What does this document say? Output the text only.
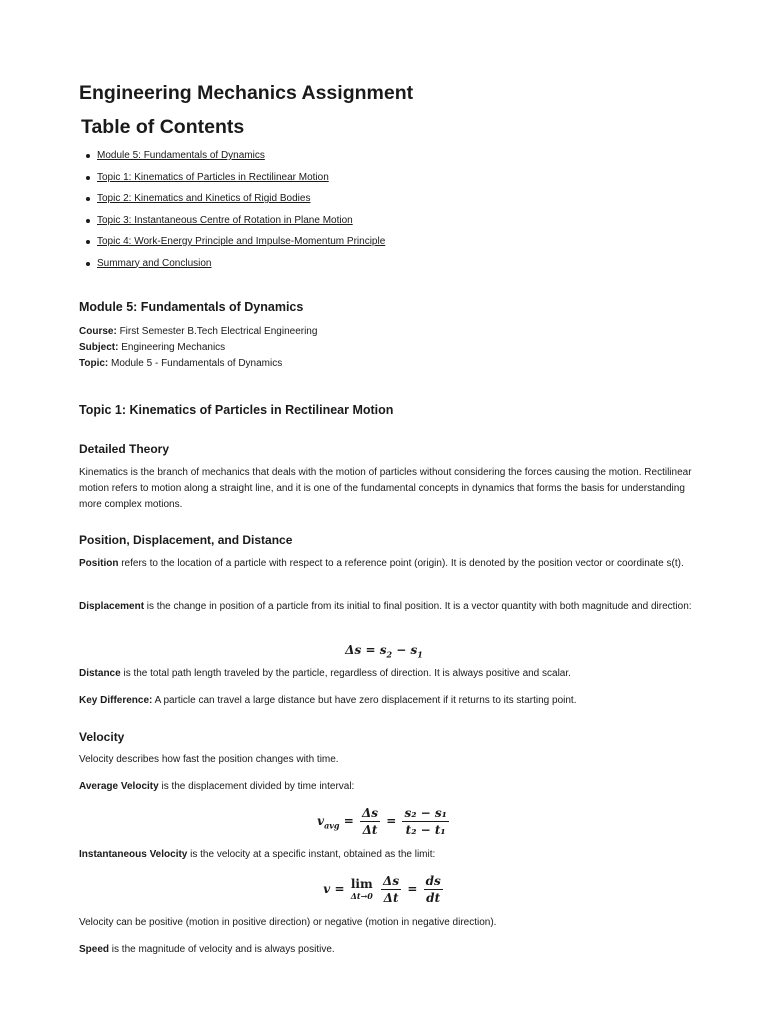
Engineering Mechanics Assignment
Table of Contents
Module 5: Fundamentals of Dynamics
Topic 1: Kinematics of Particles in Rectilinear Motion
Topic 2: Kinematics and Kinetics of Rigid Bodies
Topic 3: Instantaneous Centre of Rotation in Plane Motion
Topic 4: Work-Energy Principle and Impulse-Momentum Principle
Summary and Conclusion
Module 5: Fundamentals of Dynamics
Course: First Semester B.Tech Electrical Engineering
Subject: Engineering Mechanics
Topic: Module 5 - Fundamentals of Dynamics
Topic 1: Kinematics of Particles in Rectilinear Motion
Detailed Theory

Kinematics is the branch of mechanics that deals with the motion of particles without considering the forces causing the motion. Rectilinear motion refers to motion along a straight line, and it is one of the fundamental concepts in dynamics that forms the basis for understanding more complex motions.

Position, Displacement, and Distance

Position refers to the location of a particle with respect to a reference point (origin). It is denoted by the position vector or coordinate s(t).

Displacement is the change in position of a particle from its initial to final position. It is a vector quantity with both magnitude and direction:

$\Delta s = s_2 - s_1$

Distance is the total path length traveled by the particle, regardless of direction. It is always positive and scalar.

Key Difference: A particle can travel a large distance but have zero displacement if it returns to its starting point.

Velocity

Velocity describes how fast the position changes with time.

Average Velocity is the displacement divided by time interval:

$v_{avg} = \frac{\Delta s}{\Delta t} = \frac{\text{s₂ − s₁}}{\text{t₂ − t₁}}$

Instantaneous Velocity is the velocity at a specific instant, obtained as the limit:

v = lim
Δt→0
$\frac{\Delta s}{\Delta t} = \frac{ds}{dt}$

Velocity can be positive (motion in positive direction) or negative (motion in negative direction).

Speed is the magnitude of velocity and is always positive.
